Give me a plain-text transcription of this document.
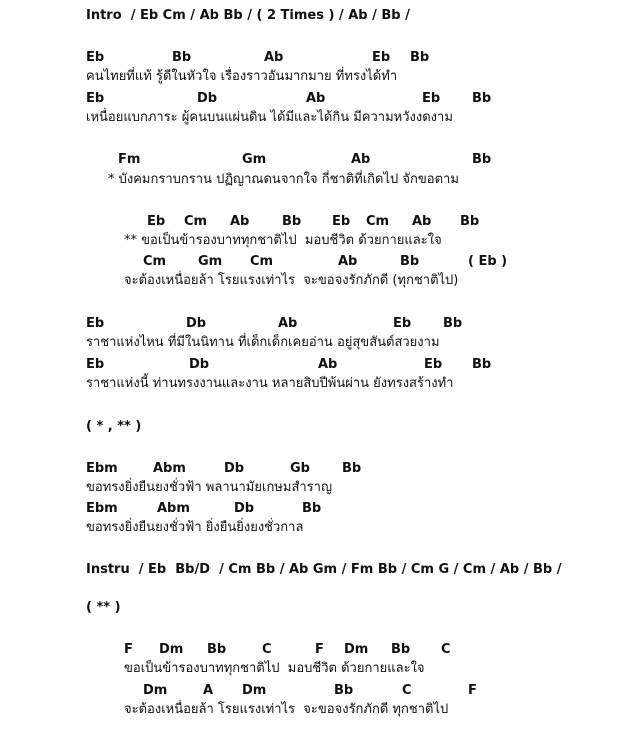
Intro  / Eb Cm / Ab Bb / ( 2 Times ) / Ab / Bb /
Eb	Bb	Ab	Eb Bb
คนไทยที่แท้ รู้ดีในหัวใจ เรื่องราวอันมากมาย ที่ทรงได้ทำ
Eb	Db	Ab	Eb Bb
เหนื่อยแบกภาระ ผู้คนบนแผ่นดิน ได้มีและได้กิน มีความหวังงดงาม
Fm	Gm	Ab	Bb
* บังคมกราบกราน ปฏิญาณดนจากใจ กี่ชาติที่เกิดไป จักขอตาม
Eb Cm Ab	Bb Eb Cm Ab Bb
** ขอเป็นข้ารองบาททุกชาติไป  มอบชีวิต ด้วยกายและใจ
Cm Gm Cm	Ab	Bb	( Eb )
จะต้องเหนื่อยล้า โรยแรงเท่าไร  จะขอจงรักภักดี (ทุกชาติไป)
Eb	Db	Ab	Eb Bb
ราชาแห่งไหน ที่มีในนิทาน ที่เด็กเด็กเคยอ่าน อยู่สุขสันต์สวยงาม
Eb	Db	Ab	Eb Bb
ราชาแห่งนี้ ท่านทรงงานและงาน หลายสิบปีพ้นผ่าน ยังทรงสร้างทำ
( * , ** )
Ebm	Abm	Db	Gb Bb
ขอทรงยิ่งยืนยงชั่วฟ้า พลานามัยเกษมสำราญ
Ebm	Abm	Db	Bb
ขอทรงยิ่งยืนยงชั่วฟ้า ยิ่งยืนยิ่งยงชั่วกาล
Instru  / Eb  Bb/D  / Cm Bb / Ab Gm / Fm Bb / Cm G / Cm / Ab / Bb /
( ** )
F Dm Bb	C	F Dm Bb C
ขอเป็นข้ารองบาททุกชาติไป  มอบชีวิต ด้วยกายและใจ
Dm	A Dm	Bb	C	F
จะต้องเหนื่อยล้า โรยแรงเท่าไร  จะขอจงรักภักดี ทุกชาติไป
